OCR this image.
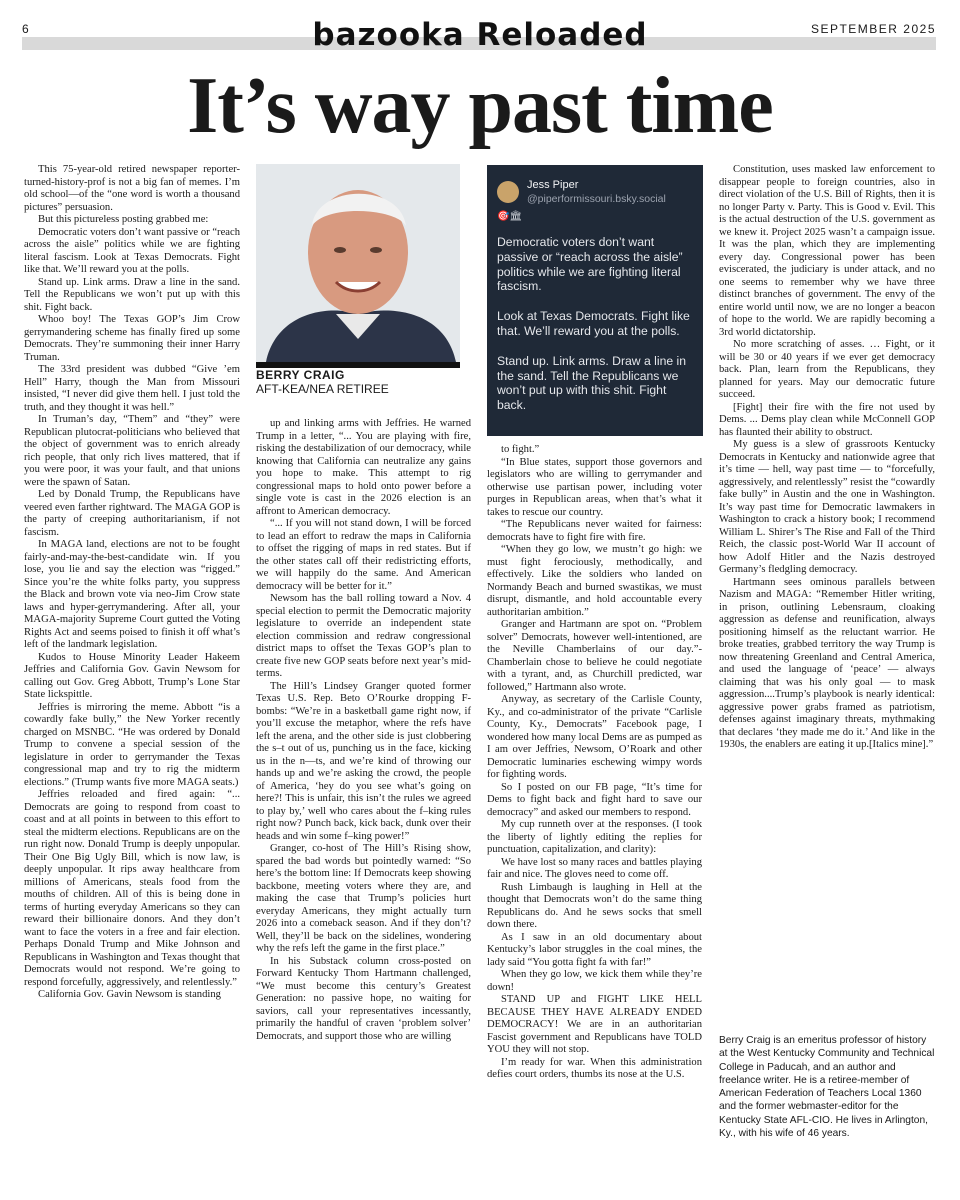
6	bazooka Reloaded	SEPTEMBER 2025
It’s way past time

This 75-year-old retired newspaper reporter-turned-history-prof is not a big fan of memes. I’m old school—of the “one word is worth a thousand pictures” persuasion.

But this pictureless posting grabbed me:

Democratic voters don’t want passive or “reach across the aisle” politics while we are fighting literal fascism. Look at Texas Democrats. Fight like that. We’ll reward you at the polls.

Stand up. Link arms. Draw a line in the sand. Tell the Republicans we won’t put up with this shit. Fight back.

Whoo boy! The Texas GOP’s Jim Crow gerrymandering scheme has finally fired up some Democrats. They’re summoning their inner Harry Truman.

The 33rd president was dubbed “Give ’em Hell” Harry, though the Man from Missouri insisted, “I never did give them hell. I just told the truth, and they thought it was hell.”

In Truman’s day, “Them” and “they” were Republican plutocrat-politicians who believed that the object of government was to enrich already rich people, that only rich lives mattered, that if you were poor, it was your fault, and that unions were the spawn of Satan.

Led by Donald Trump, the Republicans have veered even farther rightward. The MAGA GOP is the party of creeping authoritarianism, if not fascism.

In MAGA land, elections are not to be fought fairly-and-may-the-best-candidate win. If you lose, you lie and say the election was “rigged.” Since you’re the white folks party, you suppress the Black and brown vote via neo-Jim Crow state laws and hyper-gerrymandering. After all, your MAGA-majority Supreme Court gutted the Voting Rights Act and seems poised to finish it off what’s left of the landmark legislation.

Kudos to House Minority Leader Hakeem Jeffries and California Gov. Gavin Newsom for calling out Gov. Greg Abbott, Trump’s Lone Star State lickspittle.

Jeffries is mirroring the meme. Abbott “is a cowardly fake bully,” the New Yorker recently charged on MSNBC. “He was ordered by Donald Trump to convene a special session of the legislature in order to gerrymander the Texas congressional map and try to rig the midterm elections.” (Trump wants five more MAGA seats.)

Jeffries reloaded and fired again: “... Democrats are going to respond from coast to coast and at all points in between to this effort to steal the midterm elections. Republicans are on the run right now. Donald Trump is deeply unpopular. Their One Big Ugly Bill, which is now law, is deeply unpopular. It rips away healthcare from millions of Americans, steals food from the mouths of children. All of this is being done in terms of hurting everyday Americans so they can reward their billionaire donors. And they don’t want to face the voters in a free and fair election. Perhaps Donald Trump and Mike Johnson and Republicans in Washington and Texas thought that Democrats would not respond. We’re going to respond forcefully, aggressively, and relentlessly.”

California Gov. Gavin Newsom is standing

BERRY CRAIG
AFT-KEA/NEA RETIREE

up and linking arms with Jeffries. He warned Trump in a letter, “... You are playing with fire, risking the destabilization of our democracy, while knowing that California can neutralize any gains you hope to make. This attempt to rig congressional maps to hold onto power before a single vote is cast in the 2026 election is an affront to American democracy.

“... If you will not stand down, I will be forced to lead an effort to redraw the maps in California to offset the rigging of maps in red states. But if the other states call off their redistricting efforts, we will happily do the same. And American democracy will be better for it.”

Newsom has the ball rolling toward a Nov. 4 special election to permit the Democratic majority legislature to override an independent state election commission and redraw congressional district maps to offset the Texas GOP’s plan to create five new GOP seats before next year’s mid-terms.

The Hill’s Lindsey Granger quoted former Texas U.S. Rep. Beto O’Rourke dropping F-bombs: “We’re in a basketball game right now, if you’ll excuse the metaphor, where the refs have left the arena, and the other side is just clobbering the s–t out of us, punching us in the face, kicking us in the n—ts, and we’re kind of throwing our hands up and we’re asking the crowd, the people of America, ‘hey do you see what’s going on here?! This is unfair, this isn’t the rules we agreed to play by,’ well who cares about the f–king rules right now? Punch back, kick back, dunk over their heads and win some f–king power!”

Granger, co-host of The Hill’s Rising show, spared the bad words but pointedly warned: “So here’s the bottom line: If Democrats keep showing backbone, meeting voters where they are, and making the case that Trump’s policies hurt everyday Americans, they might actually turn 2026 into a comeback season. And if they don’t? Well, they’ll be back on the sidelines, wondering why the refs left the game in the first place.”

In his Substack column cross-posted on Forward Kentucky Thom Hartmann challenged, “We must become this century’s Greatest Generation: no passive hope, no waiting for saviors, call your representatives incessantly, primarily the handful of craven ‘problem solver’ Democrats, and support those who are willing

Jess Piper
@piperformissouri.bsky.social
🎯🏛

Democratic voters don’t want passive or “reach across the aisle” politics while we are fighting literal fascism.

Look at Texas Democrats. Fight like that. We’ll reward you at the polls.

Stand up. Link arms. Draw a line in the sand. Tell the Republicans we won’t put up with this shit. Fight back.

to fight.”

“In Blue states, support those governors and legislators who are willing to gerrymander and otherwise use partisan power, including voter purges in Republican areas, when that’s what it takes to rescue our country.

“The Republicans never waited for fairness: democrats have to fight fire with fire.

“When they go low, we mustn’t go high: we must fight ferociously, methodically, and effectively. Like the soldiers who landed on Normandy Beach and burned swastikas, we must disrupt, dismantle, and hold accountable every authoritarian ambition.”

Granger and Hartmann are spot on. “Problem solver” Democrats, however well-intentioned, are the Neville Chamberlains of our day.”- Chamberlain chose to believe he could negotiate with a tyrant, and, as Churchill predicted, war followed,” Hartmann also wrote.

Anyway, as secretary of the Carlisle County, Ky., and co-administrator of the private “Carlisle County, Ky., Democrats” Facebook page, I wondered how many local Dems are as pumped as I am over Jeffries, Newsom, O’Roark and other Democratic luminaries eschewing wimpy words for fighting words.

So I posted on our FB page, “It’s time for Dems to fight back and fight hard to save our democracy” and asked our members to respond.

My cup runneth over at the responses. (I took the liberty of lightly editing the replies for punctuation, capitalization, and clarity):

We have lost so many races and battles playing fair and nice. The gloves need to come off.

Rush Limbaugh is laughing in Hell at the thought that Democrats won’t do the same thing Republicans do. And he sews socks that smell down there.

As I saw in an old documentary about Kentucky’s labor struggles in the coal mines, the lady said “You gotta fight fa with far!”

When they go low, we kick them while they’re down!

STAND UP and FIGHT LIKE HELL BECAUSE THEY HAVE ALREADY ENDED DEMOCRACY! We are in an authoritarian Fascist government and Republicans have TOLD YOU they will not stop.

I’m ready for war. When this administration defies court orders, thumbs its nose at the U.S.

Constitution, uses masked law enforcement to disappear people to foreign countries, also in direct violation of the U.S. Bill of Rights, then it is no longer Party v. Party. This is Good v. Evil. This is the actual destruction of the U.S. government as we knew it. Project 2025 wasn’t a campaign issue. It was the plan, which they are implementing every day. Congressional power has been eviscerated, the judiciary is under attack, and no one seems to remember why we have three distinct branches of government. The envy of the entire world until now, we are no longer a beacon of hope to the world. We are rapidly becoming a 3rd world dictatorship.

No more scratching of asses. … Fight, or it will be 30 or 40 years if we ever get democracy back. Plan, learn from the Republicans, they planned for years. May our democratic future succeed.

[Fight] their fire with the fire not used by Dems. ... Dems play clean while McConnell GOP has flaunted their ability to obstruct.

My guess is a slew of grassroots Kentucky Democrats in Kentucky and nationwide agree that it’s time — hell, way past time — to “forcefully, aggressively, and relentlessly” resist the “cowardly fake bully” in Austin and the one in Washington. It’s way past time for Democratic lawmakers in Washington to crack a history book; I recommend William L. Shirer’s The Rise and Fall of the Third Reich, the classic post-World War II account of how Adolf Hitler and the Nazis destroyed Germany’s fledgling democracy.

Hartmann sees ominous parallels between Nazism and MAGA: “Remember Hitler writing, in prison, outlining Lebensraum, cloaking aggression as defense and reunification, always positioning himself as the reluctant warrior. He broke treaties, grabbed territory the way Trump is now threatening Greenland and Central America, and used the language of ‘peace’ — always claiming that was his only goal — to mask aggression....Trump’s playbook is nearly identical: aggressive power grabs framed as patriotism, defenses against imaginary threats, mythmaking that declares ‘they made me do it.’ And like in the 1930s, the enablers are eating it up.[Italics mine].”

Berry Craig is an emeritus professor of history at the West Kentucky Community and Technical College in Paducah, and an author and freelance writer. He is a retiree-member of American Federation of Teachers Local 1360 and the former webmaster-editor for the Kentucky State AFL-CIO. He lives in Arlington, Ky., with his wife of 46 years.
